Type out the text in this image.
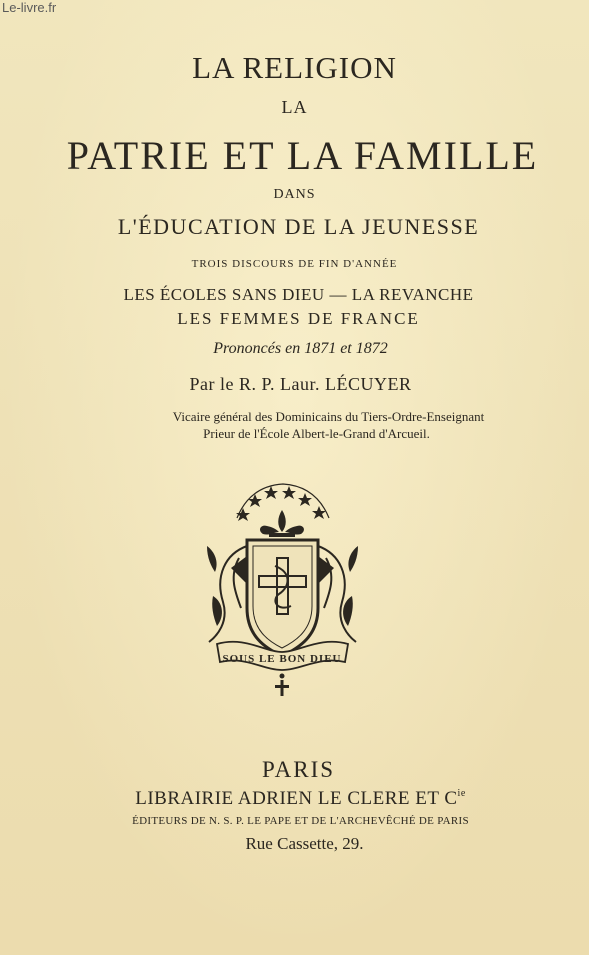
Le-livre.fr
LA RELIGION
LA
PATRIE ET LA FAMILLE
DANS
L'ÉDUCATION DE LA JEUNESSE
TROIS DISCOURS DE FIN D'ANNÉE
LES ÉCOLES SANS DIEU — LA REVANCHE
LES FEMMES DE FRANCE
Prononcés en 1871 et 1872
Par le R. P. Laur. LÉCUYER
Vicaire général des Dominicains du Tiers-Ordre-Enseignant
Prieur de l'École Albert-le-Grand d'Arcueil.
SOUS LE BON DIEU
PARIS
LIBRAIRIE ADRIEN LE CLERE ET $C^{ie}$
ÉDITEURS DE N. S. P. LE PAPE ET DE L'ARCHEVÊCHÉ DE PARIS
Rue Cassette, 29.
